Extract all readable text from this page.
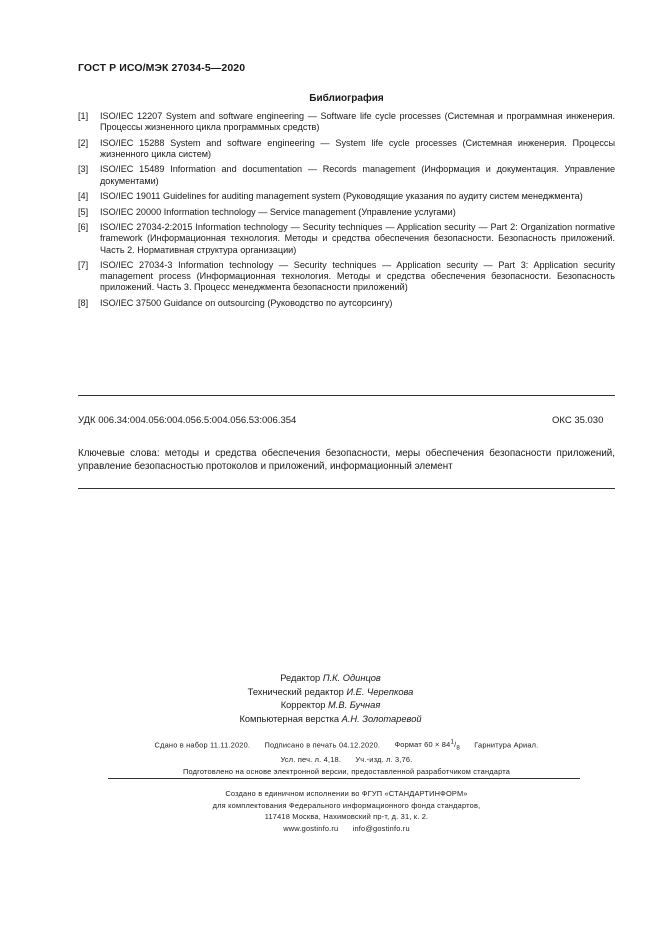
ГОСТ Р ИСО/МЭК 27034-5—2020
Библиография
[1]	ISO/IEC 12207 System and software engineering — Software life cycle processes (Системная и программная инженерия. Процессы жизненного цикла программных средств)
[2]	ISO/IEC 15288 System and software engineering — System life cycle processes (Системная инженерия. Процессы жизненного цикла систем)
[3]	ISO/IEC 15489 Information and documentation — Records management (Информация и документация. Управление документами)
[4]	ISO/IEC 19011 Guidelines for auditing management system (Руководящие указания по аудиту систем менеджмента)
[5]	ISO/IEC 20000 Information technology — Service management (Управление услугами)
[6]	ISO/IEC 27034-2:2015 Information technology — Security techniques — Application security — Part 2: Organization normative framework (Информационная технология. Методы и средства обеспечения безопасности. Безопасность приложений. Часть 2. Нормативная структура организации)
[7]	ISO/IEC 27034-3 Information technology — Security techniques — Application security — Part 3: Application security management process (Информационная технология. Методы и средства обеспечения безопасности. Безопасность приложений. Часть 3. Процесс менеджмента безопасности приложений)
[8]	ISO/IEC 37500 Guidance on outsourcing (Руководство по аутсорсингу)
УДК 006.34:004.056:004.056.5:004.056.53:006.354	ОКС 35.030
Ключевые слова: методы и средства обеспечения безопасности, меры обеспечения безопасности приложений, управление безопасностью протоколов и приложений, информационный элемент
Редактор П.К. Одинцов
Технический редактор И.Е. Черепкова
Корректор М.В. Бучная
Компьютерная верстка А.Н. Золотаревой
Сдано в набор 11.11.2020. Подписано в печать 04.12.2020. Формат $60 \times 84^1/_8$ Гарнитура Ариал.
Усл. печ. л. 4,18. Уч.-изд. л. 3,76.
Подготовлено на основе электронной версии, предоставленной разработчиком стандарта
Создано в единичном исполнении во ФГУП «СТАНДАРТИНФОРМ»
для комплектования Федерального информационного фонда стандартов,
117418 Москва, Нахимовский пр-т, д. 31, к. 2.
www.gostinfo.ru info@gostinfo.ru
